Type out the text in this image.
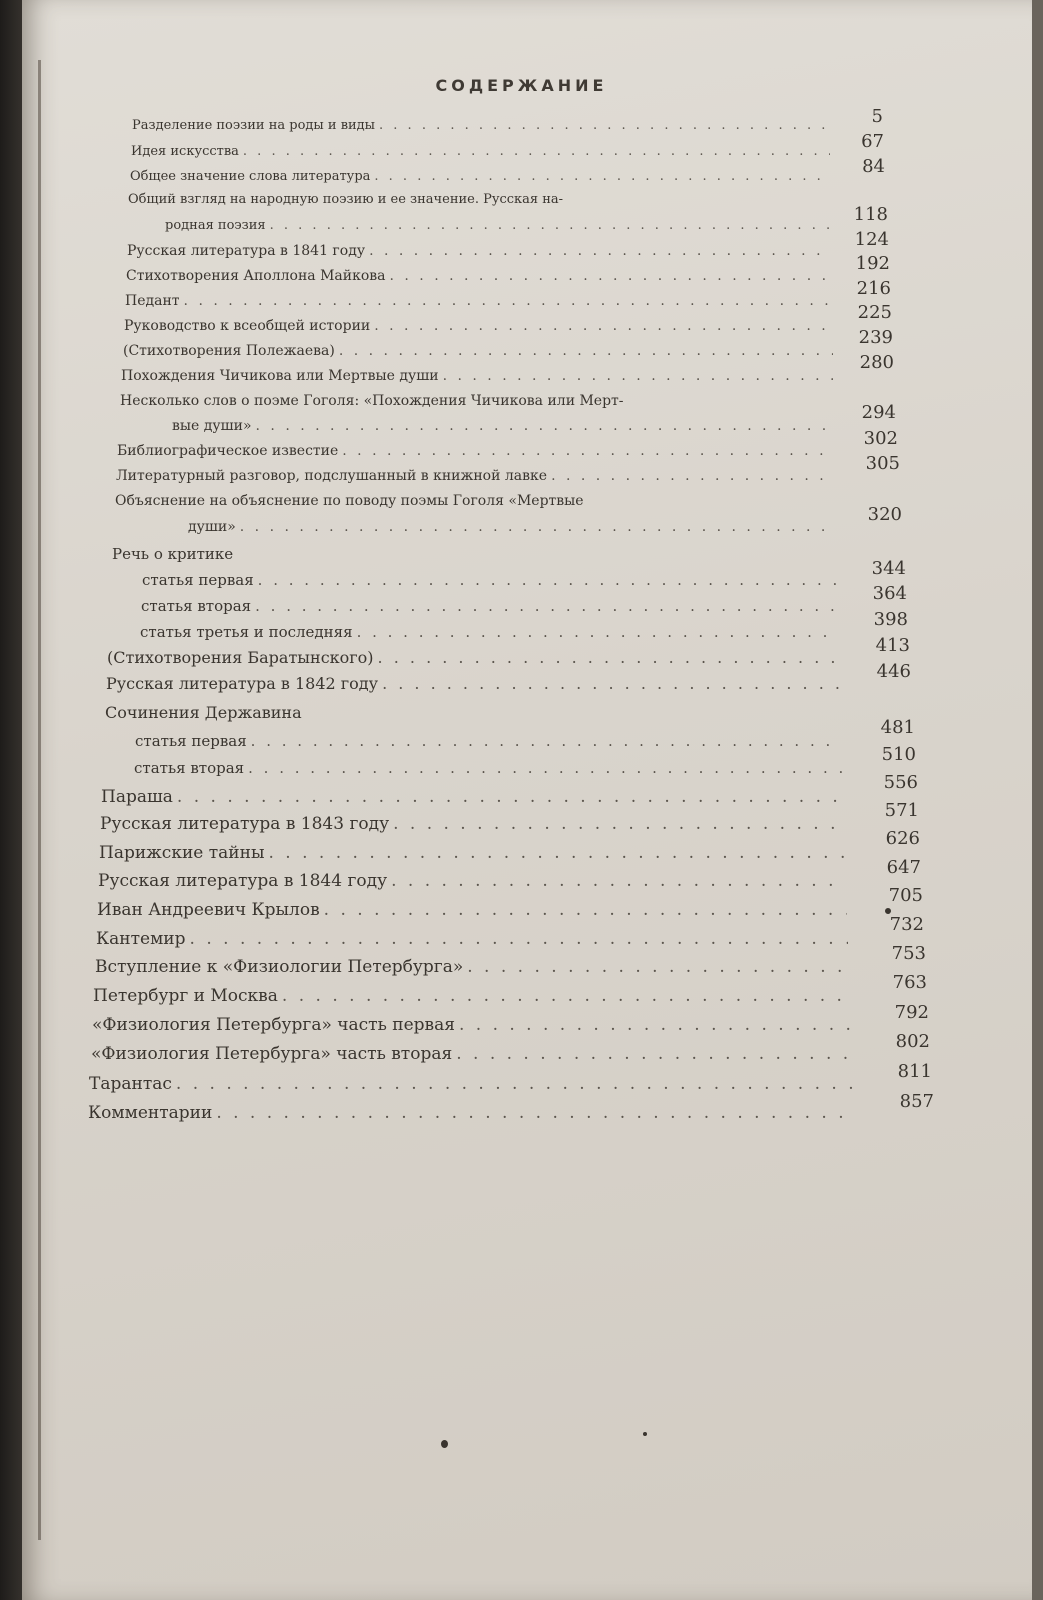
СОДЕРЖАНИЕ
Разделение поэзии на роды и виды
. . .
Идея искусства
. . .
Общее значение слова литература
. . .
Общий взгляд на народную поэзию и ее значение. Русская на-
родная поэзия
. . .
Русская литература в 1841 году
. . .
Стихотворения Аполлона Майкова
. . .
Педант
. . .
Руководство к всеобщей истории
. . .
(Стихотворения Полежаева)
. . .
Похождения Чичикова или Мертвые души
. . .
Несколько слов о поэме Гоголя: «Похождения Чичикова или Мерт-
вые души»
. . .
Библиографическое известие
. . .
Литературный разговор, подслушанный в книжной лавке
. . .
Объяснение на объяснение по поводу поэмы Гоголя «Мертвые
души»
. . .
Речь о критике
статья первая
. . .
статья вторая
. . .
статья третья и последняя
. . .
(Стихотворения Баратынского)
. . .
Русская литература в 1842 году
. . .
Сочинения Державина
статья первая
. . .
статья вторая
. . .
Параша
. . .
Русская литература в 1843 году
. . .
Парижские тайны
. . .
Русская литература в 1844 году
. . .
Иван Андреевич Крылов
. . .
Кантемир
. . .
Вступление к «Физиологии Петербурга»
. . .
Петербург и Москва
. . .
«Физиология Петербурга» часть первая
. . .
«Физиология Петербурга» часть вторая
. . .
Тарантас
. . .
Комментарии
. . .
5
67
84
118
124
192
216
225
239
280
294
302
305
320
344
364
398
413
446
481
510
556
571
626
647
705
732
753
763
792
802
811
857
